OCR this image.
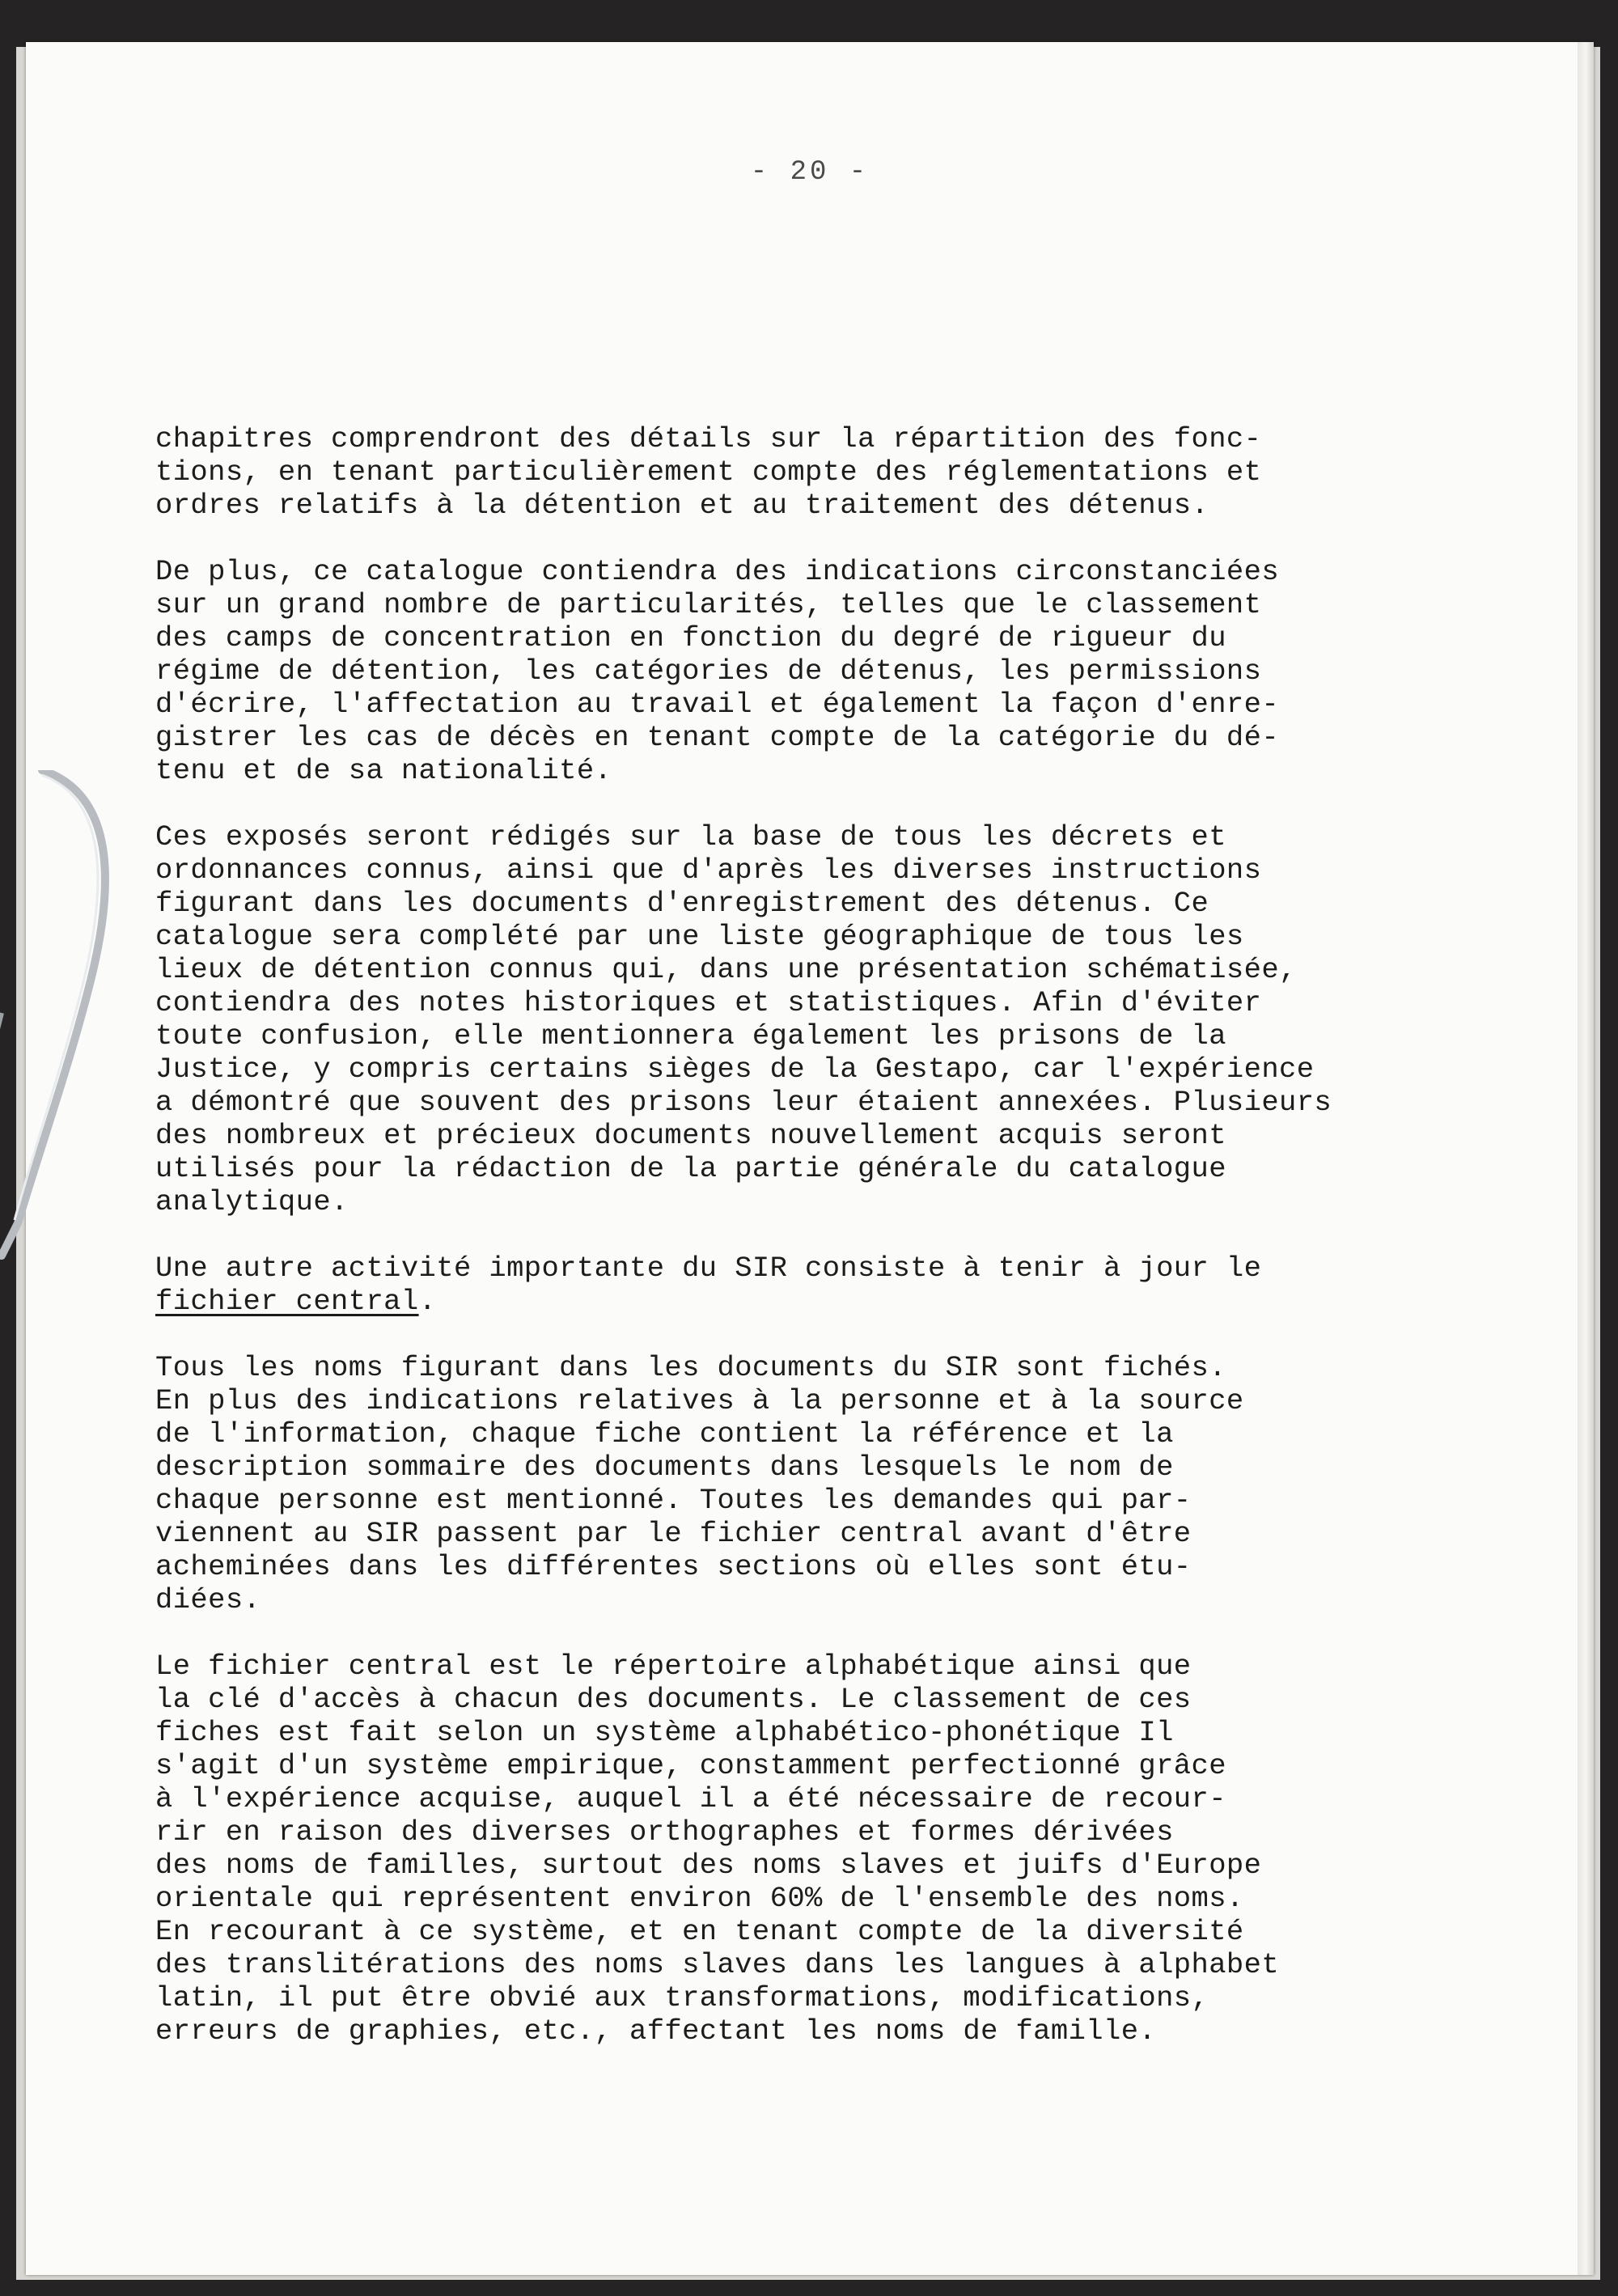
- 20 -

chapitres comprendront des détails sur la répartition des fonc-
tions, en tenant particulièrement compte des réglementations et
ordres relatifs à la détention et au traitement des détenus.

De plus, ce catalogue contiendra des indications circonstanciées
sur un grand nombre de particularités, telles que le classement
des camps de concentration en fonction du degré de rigueur du
régime de détention, les catégories de détenus, les permissions
d'écrire, l'affectation au travail et également la façon d'enre-
gistrer les cas de décès en tenant compte de la catégorie du dé-
tenu et de sa nationalité.

Ces exposés seront rédigés sur la base de tous les décrets et
ordonnances connus, ainsi que d'après les diverses instructions
figurant dans les documents d'enregistrement des détenus. Ce
catalogue sera complété par une liste géographique de tous les
lieux de détention connus qui, dans une présentation schématisée,
contiendra des notes historiques et statistiques. Afin d'éviter
toute confusion, elle mentionnera également les prisons de la
Justice, y compris certains sièges de la Gestapo, car l'expérience
a démontré que souvent des prisons leur étaient annexées. Plusieurs
des nombreux et précieux documents nouvellement acquis seront
utilisés pour la rédaction de la partie générale du catalogue
analytique.

Une autre activité importante du SIR consiste à tenir à jour le
fichier central.

Tous les noms figurant dans les documents du SIR sont fichés.
En plus des indications relatives à la personne et à la source
de l'information, chaque fiche contient la référence et la
description sommaire des documents dans lesquels le nom de
chaque personne est mentionné. Toutes les demandes qui par-
viennent au SIR passent par le fichier central avant d'être
acheminées dans les différentes sections où elles sont étu-
diées.

Le fichier central est le répertoire alphabétique ainsi que
la clé d'accès à chacun des documents. Le classement de ces
fiches est fait selon un système alphabético-phonétique Il
s'agit d'un système empirique, constamment perfectionné grâce
à l'expérience acquise, auquel il a été nécessaire de recour-
rir en raison des diverses orthographes et formes dérivées
des noms de familles, surtout des noms slaves et juifs d'Europe
orientale qui représentent environ 60% de l'ensemble des noms.
En recourant à ce système, et en tenant compte de la diversité
des translitérations des noms slaves dans les langues à alphabet
latin, il put être obvié aux transformations, modifications,
erreurs de graphies, etc., affectant les noms de famille.
